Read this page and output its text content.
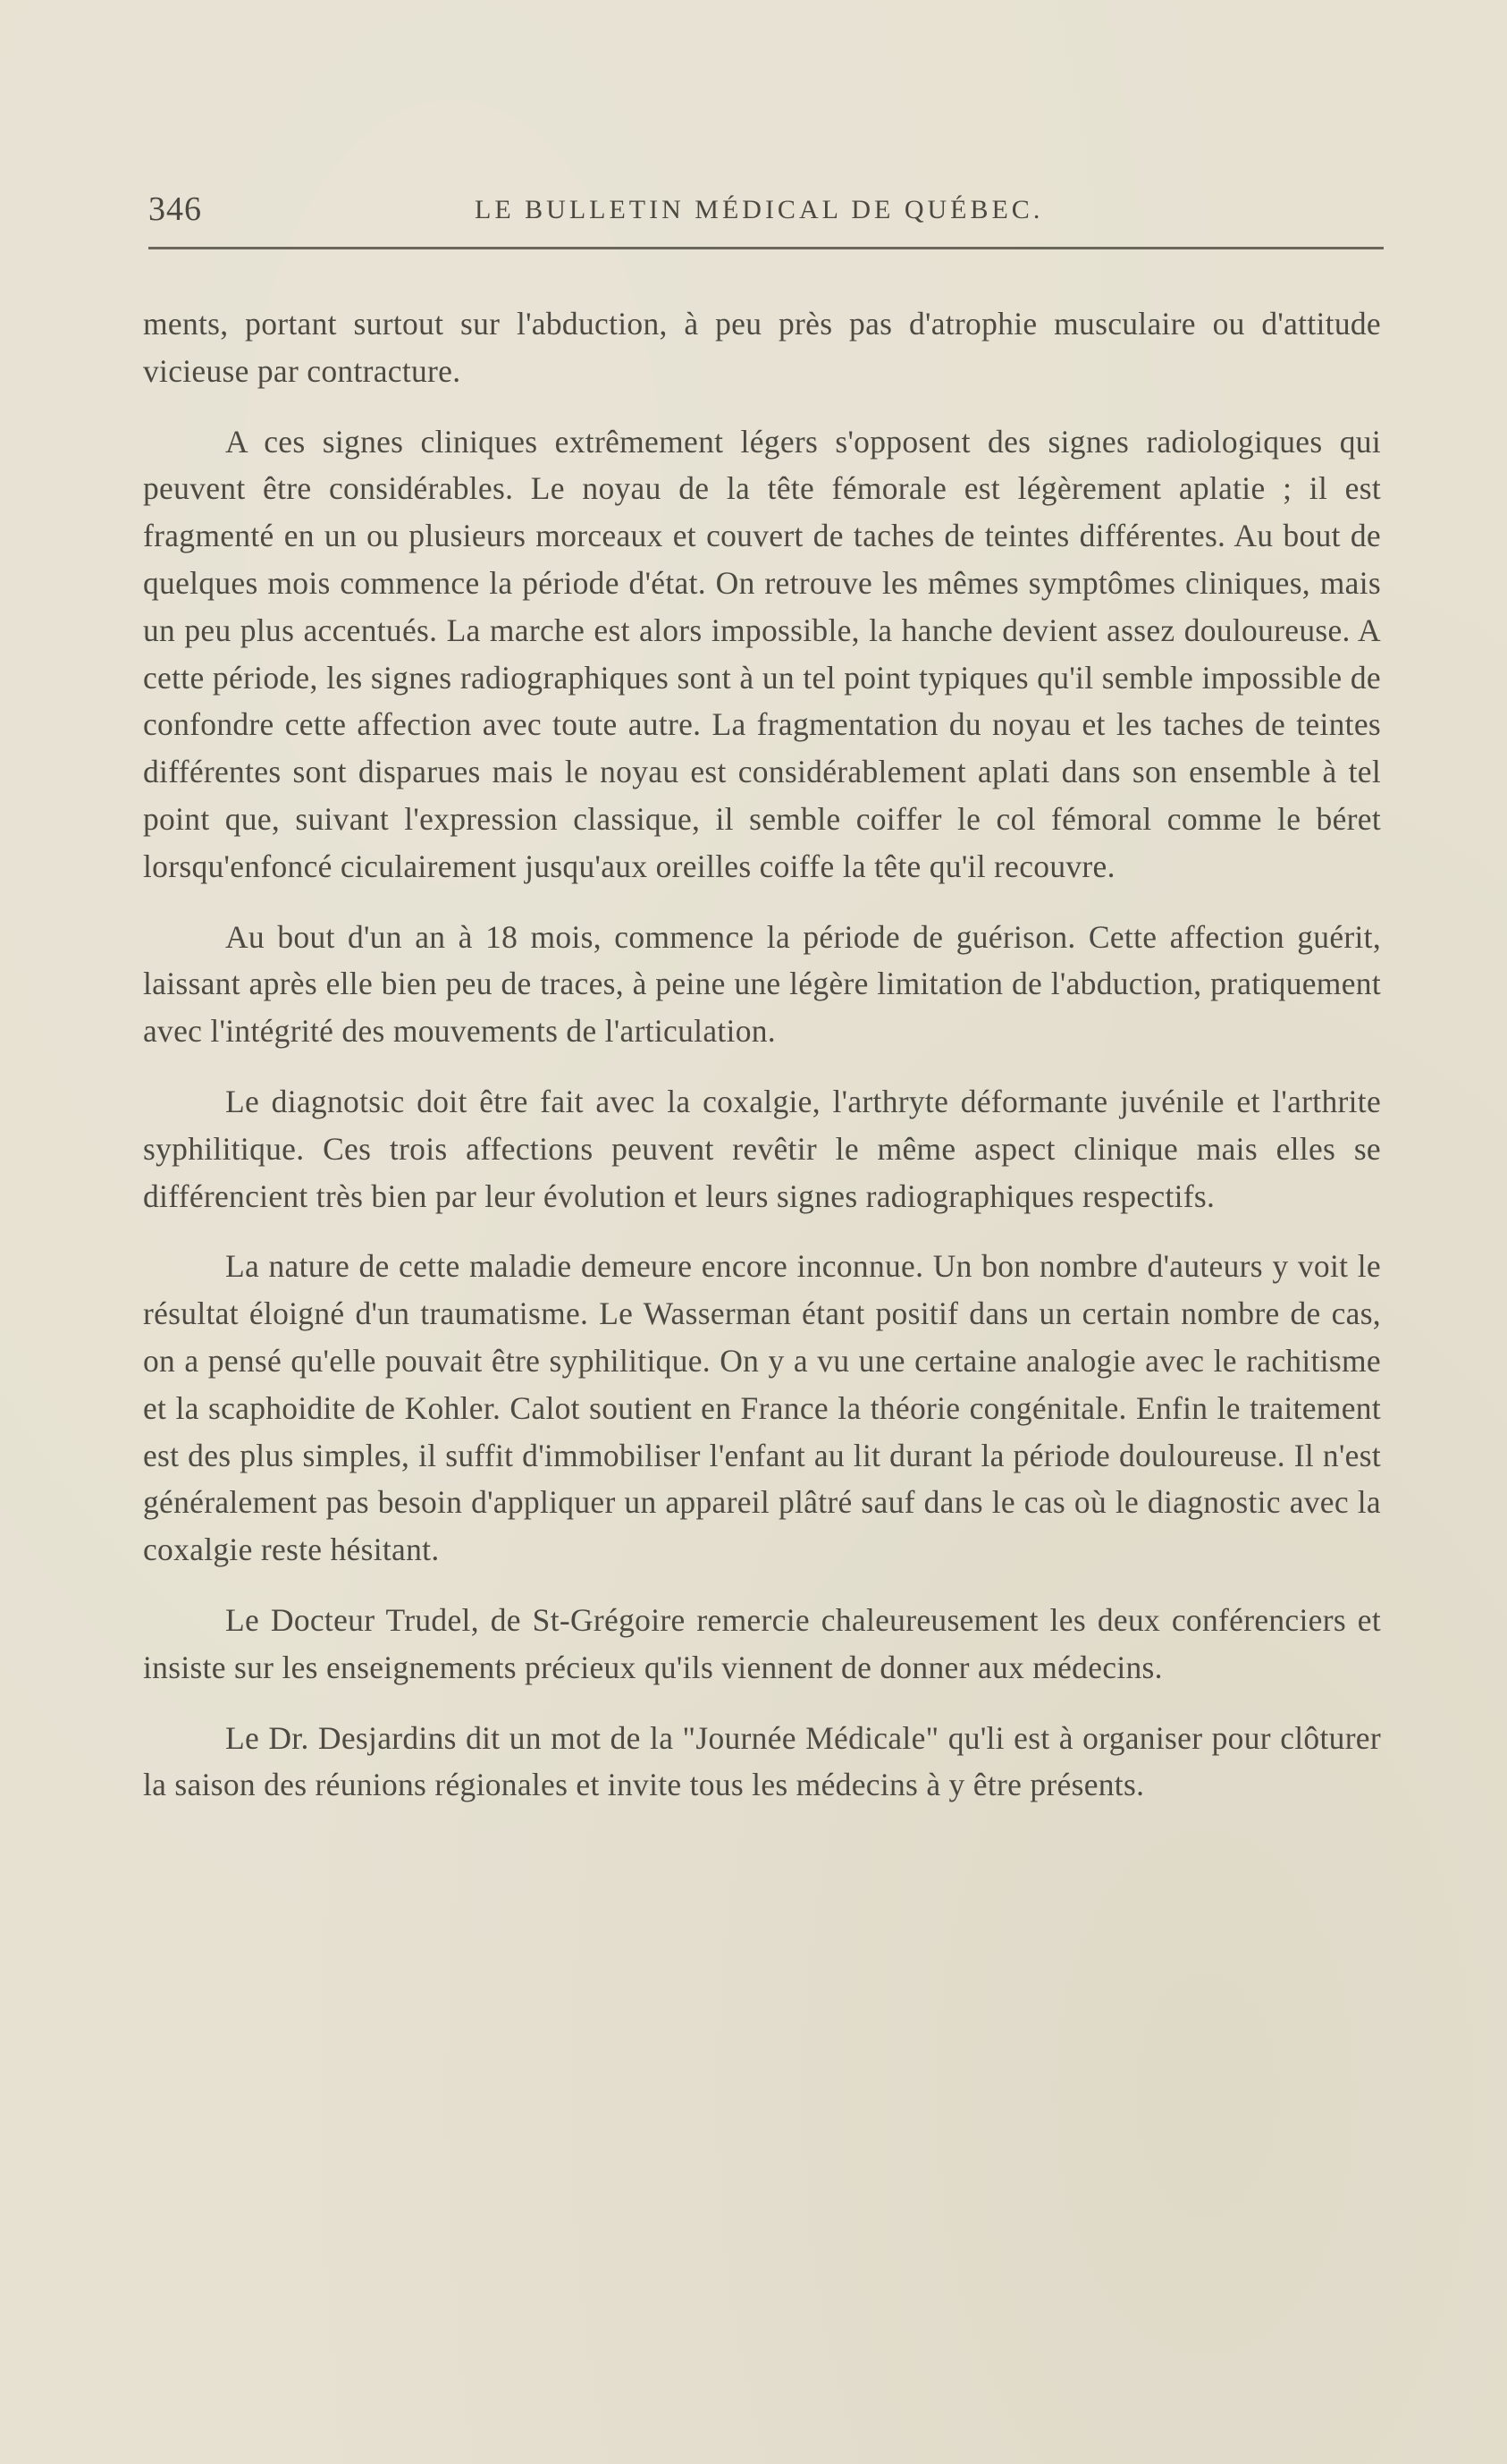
346	LE BULLETIN MÉDICAL DE QUÉBEC.

ments, portant surtout sur l'abduction, à peu près pas d'atrophie musculaire ou d'attitude vicieuse par contracture.

A ces signes cliniques extrêmement légers s'opposent des signes radiologiques qui peuvent être considérables. Le noyau de la tête fémorale est légèrement aplatie ; il est fragmenté en un ou plusieurs morceaux et couvert de taches de teintes différentes. Au bout de quelques mois commence la période d'état. On retrouve les mêmes symptômes cliniques, mais un peu plus accentués. La marche est alors impossible, la hanche devient assez douloureuse. A cette période, les signes radiographiques sont à un tel point typiques qu'il semble impossible de confondre cette affection avec toute autre. La fragmentation du noyau et les taches de teintes différentes sont disparues mais le noyau est considérablement aplati dans son ensemble à tel point que, suivant l'expression classique, il semble coiffer le col fémoral comme le béret lorsqu'enfoncé ciculairement jusqu'aux oreilles coiffe la tête qu'il recouvre.

Au bout d'un an à 18 mois, commence la période de guérison. Cette affection guérit, laissant après elle bien peu de traces, à peine une légère limitation de l'abduction, pratiquement avec l'intégrité des mouvements de l'articulation.

Le diagnotsic doit être fait avec la coxalgie, l'arthryte déformante juvénile et l'arthrite syphilitique. Ces trois affections peuvent revêtir le même aspect clinique mais elles se différencient très bien par leur évolution et leurs signes radiographiques respectifs.

La nature de cette maladie demeure encore inconnue. Un bon nombre d'auteurs y voit le résultat éloigné d'un traumatisme. Le Wasserman étant positif dans un certain nombre de cas, on a pensé qu'elle pouvait être syphilitique. On y a vu une certaine analogie avec le rachitisme et la scaphoidite de Kohler. Calot soutient en France la théorie congénitale. Enfin le traitement est des plus simples, il suffit d'immobiliser l'enfant au lit durant la période douloureuse. Il n'est généralement pas besoin d'appliquer un appareil plâtré sauf dans le cas où le diagnostic avec la coxalgie reste hésitant.

Le Docteur Trudel, de St-Grégoire remercie chaleureusement les deux conférenciers et insiste sur les enseignements précieux qu'ils viennent de donner aux médecins.

Le Dr. Desjardins dit un mot de la "Journée Médicale" qu'li est à organiser pour clôturer la saison des réunions régionales et invite tous les médecins à y être présents.
